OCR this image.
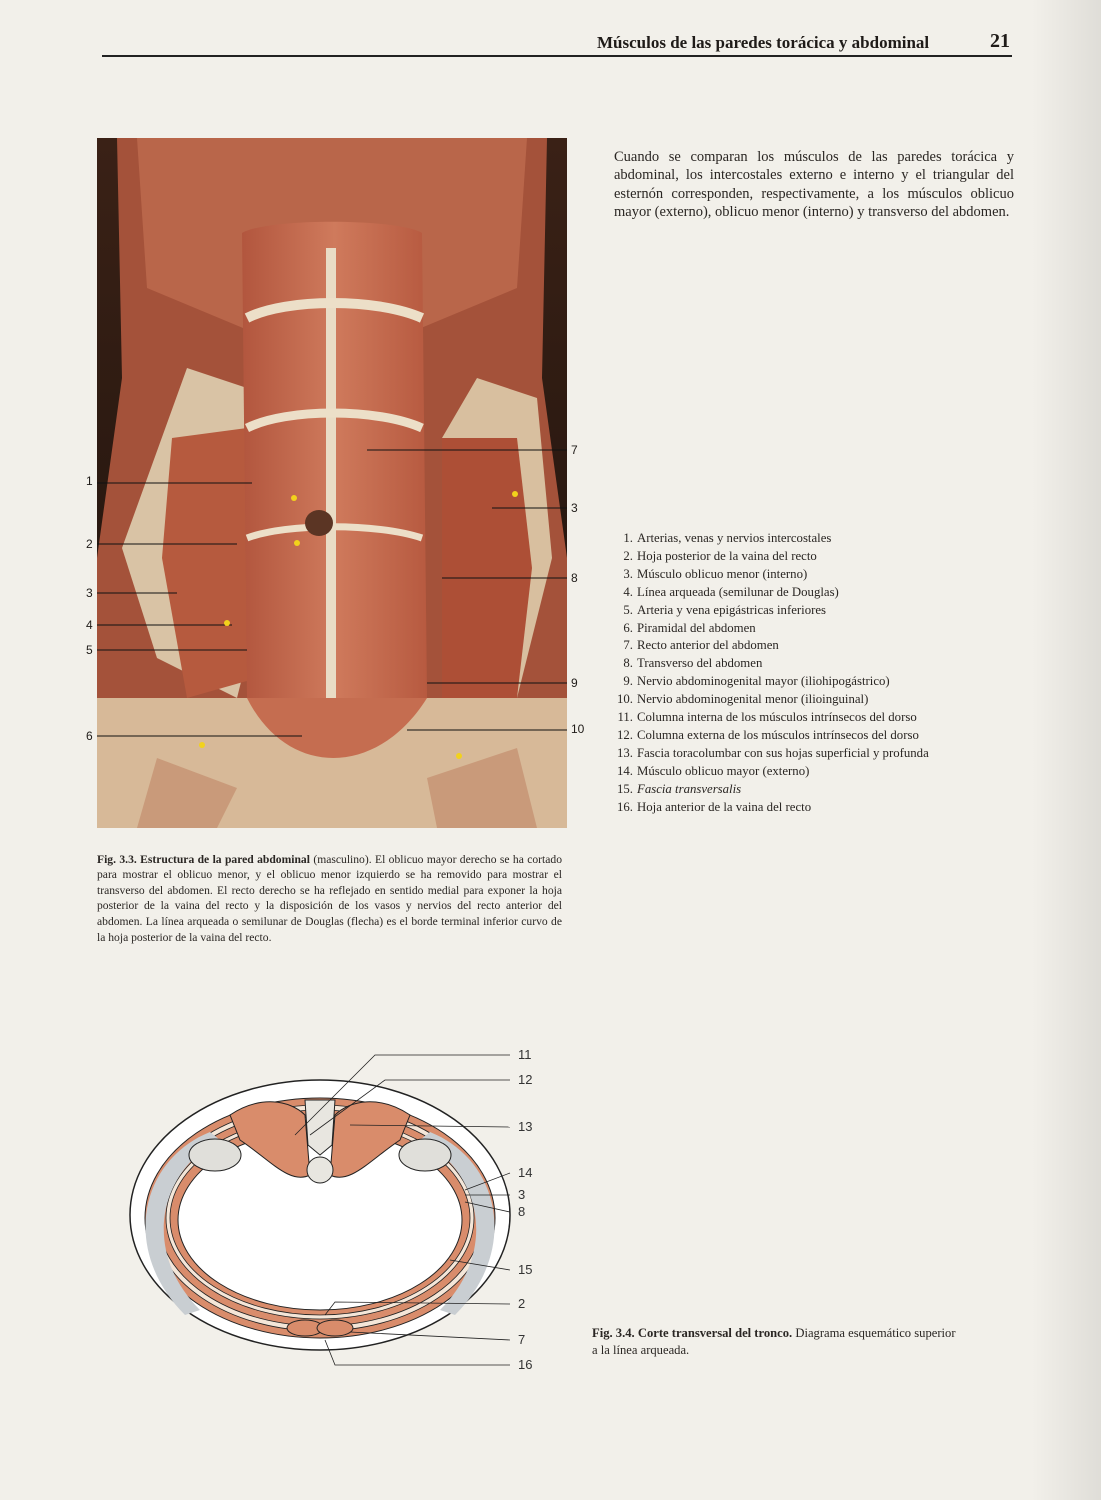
Músculos de las paredes torácica y abdominal	21
1
2
3
4
5
6
7
3
8
9
10

Cuando se comparan los músculos de las paredes torácica y abdominal, los intercostales externo e interno y el triangular del esternón corresponden, respectivamente, a los músculos oblicuo mayor (externo), oblicuo menor (interno) y transverso del abdomen.

1. Arterias, venas y nervios intercostales
2. Hoja posterior de la vaina del recto
3. Músculo oblicuo menor (interno)
4. Línea arqueada (semilunar de Douglas)
5. Arteria y vena epigástricas inferiores
6. Piramidal del abdomen
7. Recto anterior del abdomen
8. Transverso del abdomen
9. Nervio abdominogenital mayor (iliohipogástrico)
10. Nervio abdominogenital menor (ilioinguinal)
11. Columna interna de los músculos intrínsecos del dorso
12. Columna externa de los músculos intrínsecos del dorso
13. Fascia toracolumbar con sus hojas superficial y profunda
14. Músculo oblicuo mayor (externo)
15. Fascia transversalis
16. Hoja anterior de la vaina del recto

Fig. 3.3. Estructura de la pared abdominal (masculino). El oblicuo mayor derecho se ha cortado para mostrar el oblicuo menor, y el oblicuo menor izquierdo se ha removido para mostrar el transverso del abdomen. El recto derecho se ha reflejado en sentido medial para exponer la hoja posterior de la vaina del recto y la disposición de los vasos y nervios del recto anterior del abdomen. La línea arqueada o semilunar de Douglas (flecha) es el borde terminal inferior curvo de la hoja posterior de la vaina del recto.

11
12
13
14
3
8
15
2
7
16

Fig. 3.4. Corte transversal del tronco. Diagrama esquemático superior a la línea arqueada.
